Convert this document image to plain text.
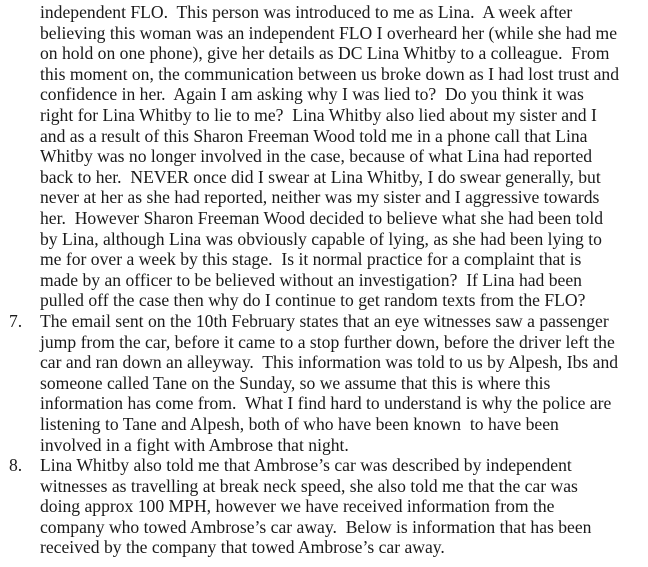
independent FLO.  This person was introduced to me as Lina.  A week after
believing this woman was an independent FLO I overheard her (while she had me
on hold on one phone), give her details as DC Lina Whitby to a colleague.  From
this moment on, the communication between us broke down as I had lost trust and
confidence in her.  Again I am asking why I was lied to?  Do you think it was
right for Lina Whitby to lie to me?  Lina Whitby also lied about my sister and I
and as a result of this Sharon Freeman Wood told me in a phone call that Lina
Whitby was no longer involved in the case, because of what Lina had reported
back to her.  NEVER once did I swear at Lina Whitby, I do swear generally, but
never at her as she had reported, neither was my sister and I aggressive towards
her.  However Sharon Freeman Wood decided to believe what she had been told
by Lina, although Lina was obviously capable of lying, as she had been lying to
me for over a week by this stage.  Is it normal practice for a complaint that is
made by an officer to be believed without an investigation?  If Lina had been
pulled off the case then why do I continue to get random texts from the FLO?
7.	The email sent on the 10th February states that an eye witnesses saw a passenger
jump from the car, before it came to a stop further down, before the driver left the
car and ran down an alleyway.  This information was told to us by Alpesh, Ibs and
someone called Tane on the Sunday, so we assume that this is where this
information has come from.  What I find hard to understand is why the police are
listening to Tane and Alpesh, both of who have been known  to have been
involved in a fight with Ambrose that night.
8.	Lina Whitby also told me that Ambrose’s car was described by independent
witnesses as travelling at break neck speed, she also told me that the car was
doing approx 100 MPH, however we have received information from the
company who towed Ambrose’s car away.  Below is information that has been
received by the company that towed Ambrose’s car away.
